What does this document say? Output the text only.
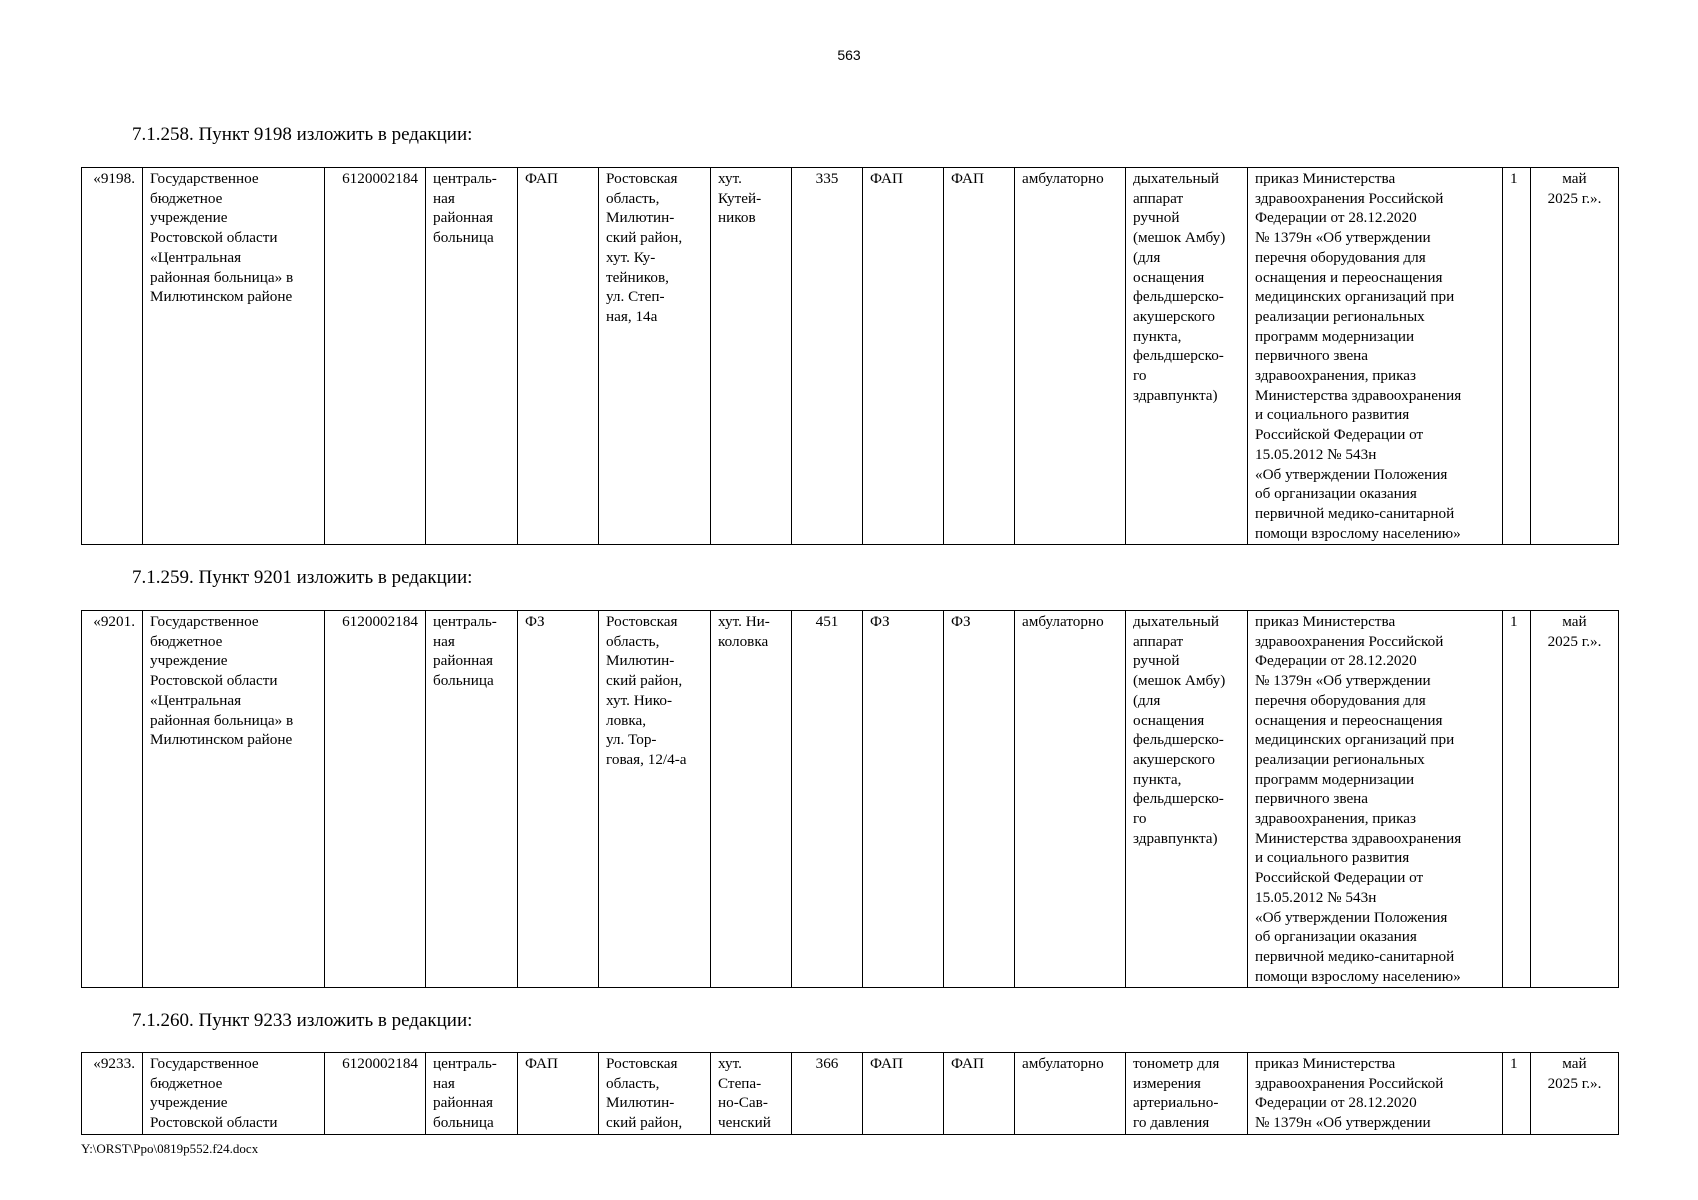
563
7.1.258. Пункт 9198 изложить в редакции:
«9198.	Государственное
бюджетное
учреждение
Ростовской области
«Центральная
районная больница» в
Милютинском районе	6120002184	централь-
ная
районная
больница	ФАП	Ростовская
область,
Милютин-
ский район,
хут. Ку-
тейников,
ул. Степ-
ная, 14а	хут.
Кутей-
ников	335	ФАП	ФАП	амбулаторно	дыхательный
аппарат
ручной
(мешок Амбу)
(для
оснащения
фельдшерско-
акушерского
пункта,
фельдшерско-
го
здравпункта)	приказ Министерства
здравоохранения Российской
Федерации от 28.12.2020
№ 1379н «Об утверждении
перечня оборудования для
оснащения и переоснащения
медицинских организаций при
реализации региональных
программ модернизации
первичного звена
здравоохранения, приказ
Министерства здравоохранения
и социального развития
Российской Федерации от
15.05.2012 № 543н
«Об утверждении Положения
об организации оказания
первичной медико-санитарной
помощи взрослому населению»	1	май
2025 г.».
7.1.259. Пункт 9201 изложить в редакции:
«9201.	Государственное
бюджетное
учреждение
Ростовской области
«Центральная
районная больница» в
Милютинском районе	6120002184	централь-
ная
районная
больница	ФЗ	Ростовская
область,
Милютин-
ский район,
хут. Нико-
ловка,
ул. Тор-
говая, 12/4-а	хут. Ни-
коловка	451	ФЗ	ФЗ	амбулаторно	дыхательный
аппарат
ручной
(мешок Амбу)
(для
оснащения
фельдшерско-
акушерского
пункта,
фельдшерско-
го
здравпункта)	приказ Министерства
здравоохранения Российской
Федерации от 28.12.2020
№ 1379н «Об утверждении
перечня оборудования для
оснащения и переоснащения
медицинских организаций при
реализации региональных
программ модернизации
первичного звена
здравоохранения, приказ
Министерства здравоохранения
и социального развития
Российской Федерации от
15.05.2012 № 543н
«Об утверждении Положения
об организации оказания
первичной медико-санитарной
помощи взрослому населению»	1	май
2025 г.».
7.1.260. Пункт 9233 изложить в редакции:
«9233.	Государственное
бюджетное
учреждение
Ростовской области	6120002184	централь-
ная
районная
больница	ФАП	Ростовская
область,
Милютин-
ский район,	хут.
Степа-
но-Сав-
ченский	366	ФАП	ФАП	амбулаторно	тонометр для
измерения
артериально-
го давления	приказ Министерства
здравоохранения Российской
Федерации от 28.12.2020
№ 1379н «Об утверждении	1	май
2025 г.».
Y:\ORST\Ppo\0819p552.f24.docx
